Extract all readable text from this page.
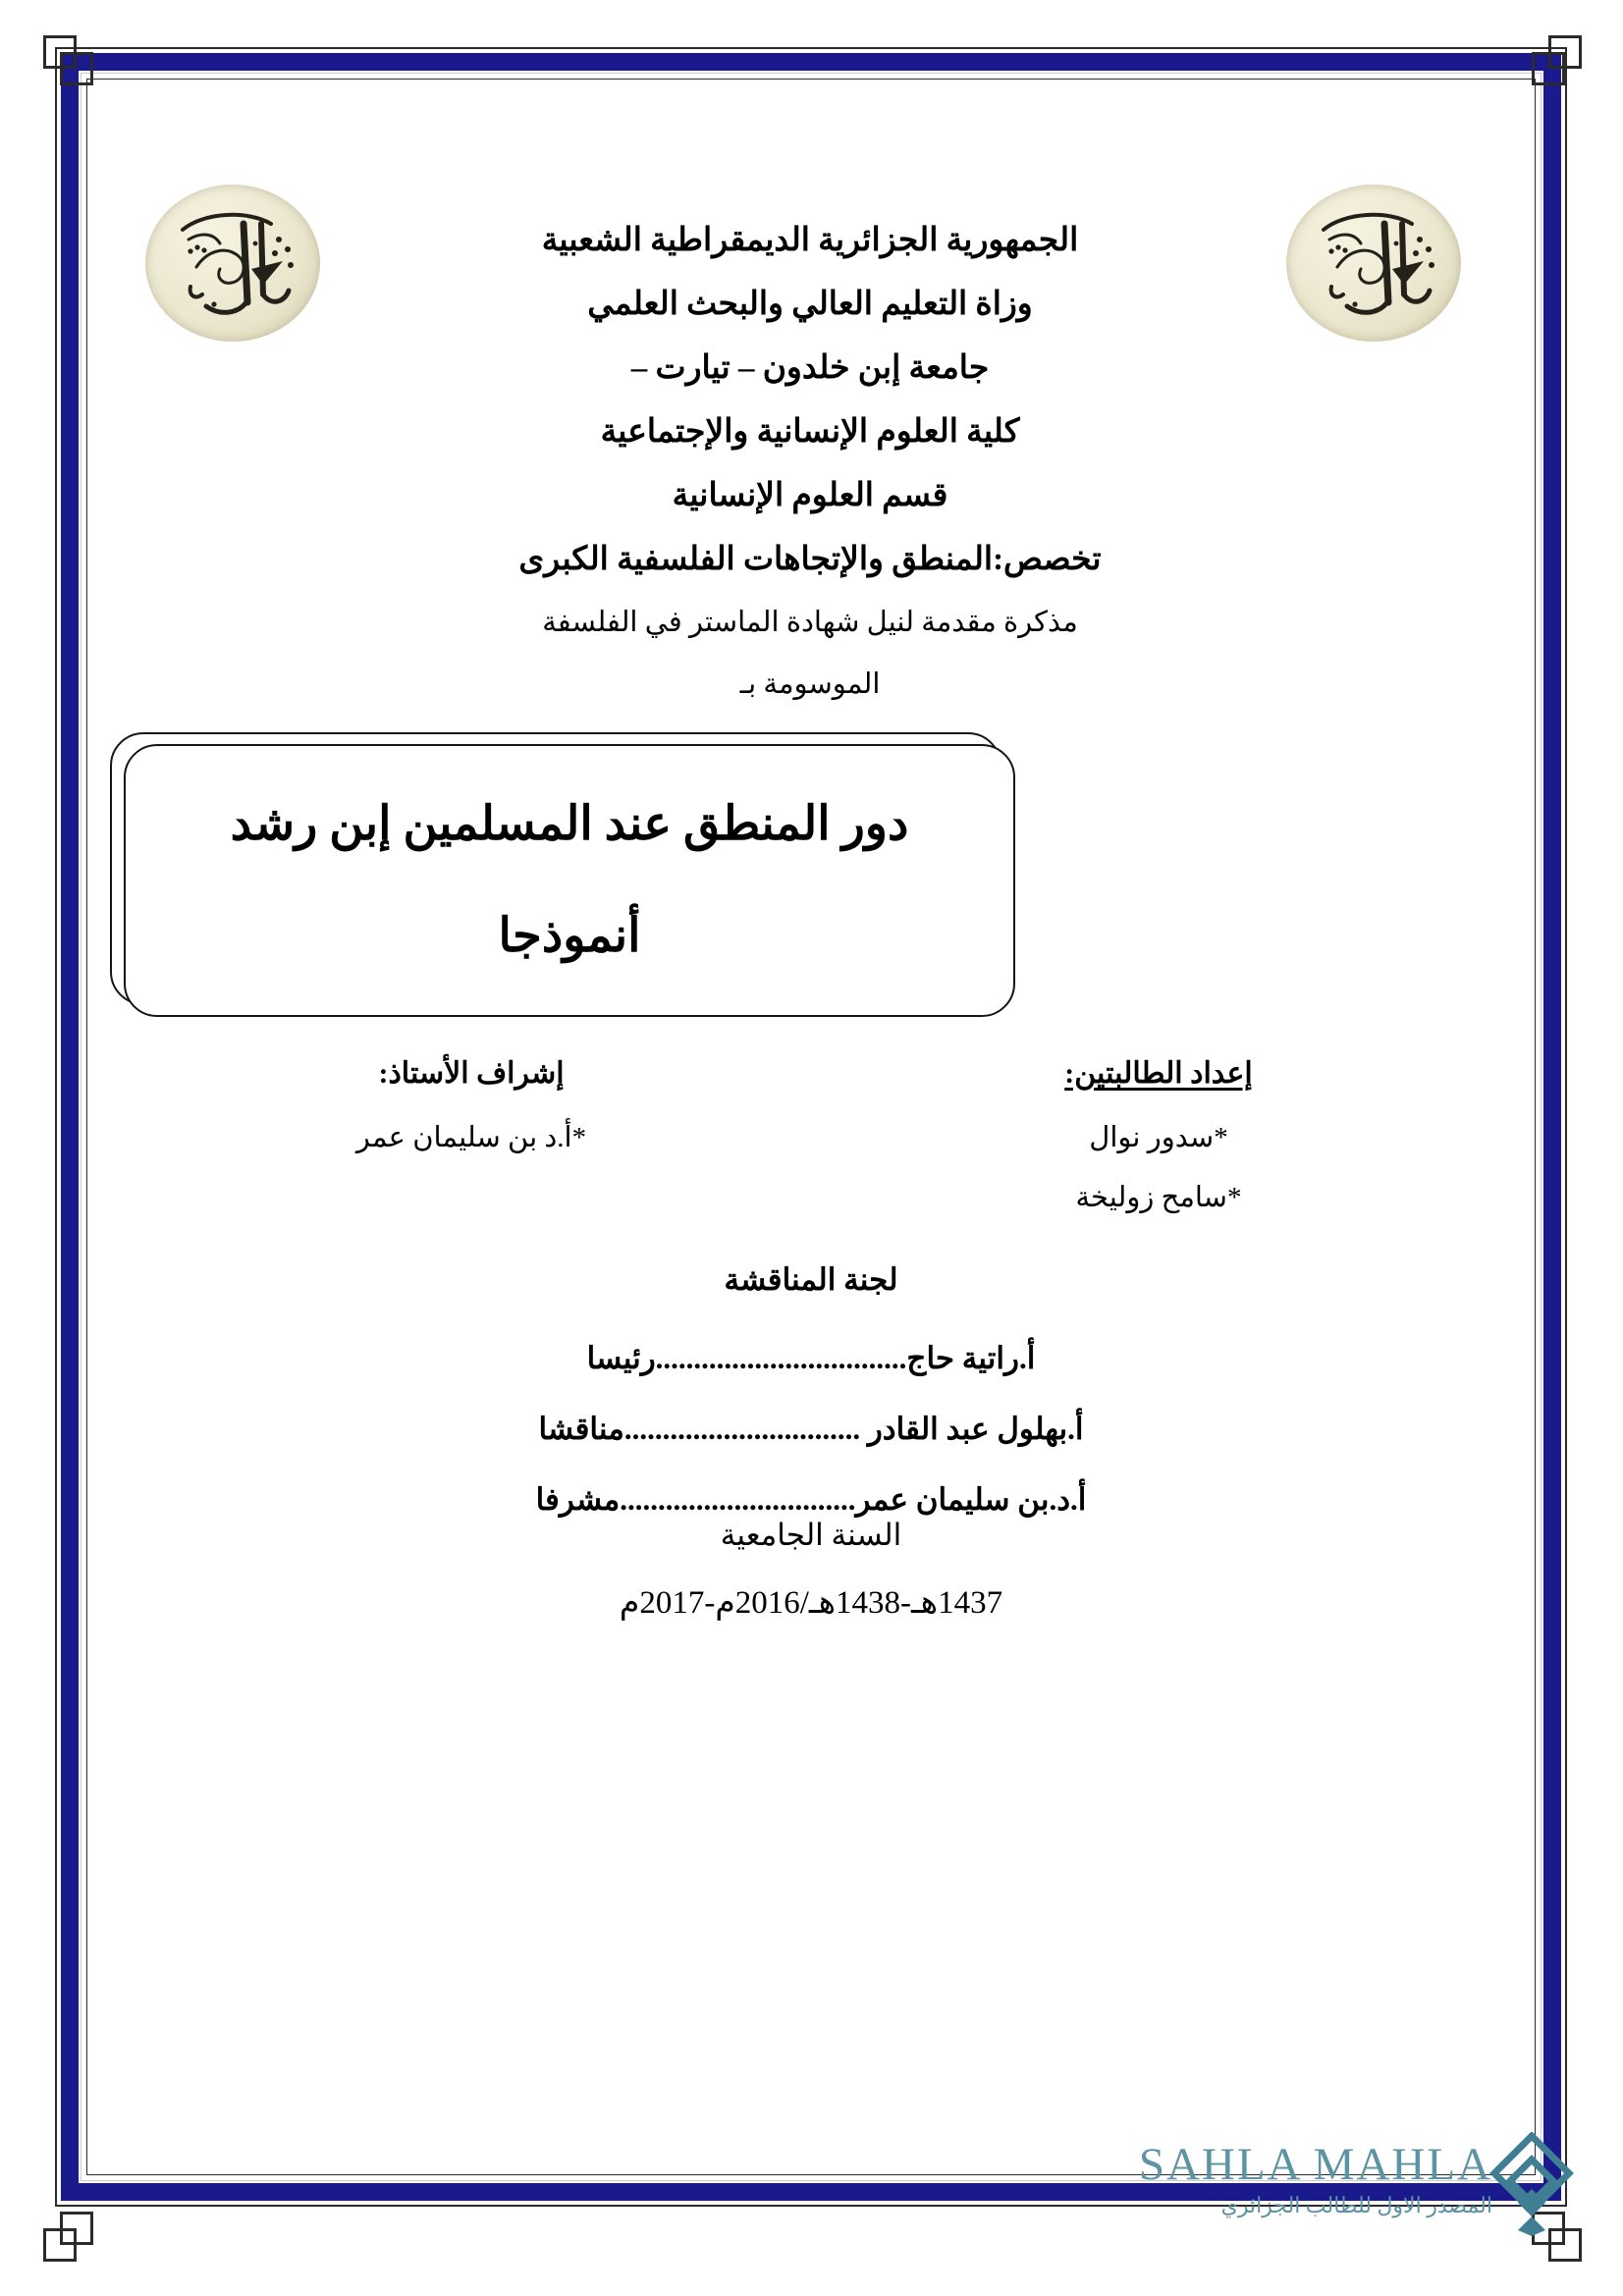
الجمهورية الجزائرية الديمقراطية الشعبية
وزاة التعليم العالي والبحث العلمي
جامعة إبن خلدون – تيارت –
كلية العلوم الإنسانية والإجتماعية
قسم العلوم الإنسانية
تخصص:المنطق والإتجاهات الفلسفية الكبرى
مذكرة مقدمة لنيل شهادة الماستر في الفلسفة
الموسومة بـ
دور المنطق عند المسلمين إبن رشد
أنموذجا
إعداد الطالبتين:
*سدور نوال
*سامح زوليخة
إشراف الأستاذ:
*أ.د بن سليمان عمر
لجنة المناقشة
أ.راتية حاج.................................رئيسا
أ.بهلول عبد القادر ...............................مناقشا
أ.د.بن سليمان عمر...............................مشرفا
السنة الجامعية
1437هـ-1438هـ/2016م-2017م
SAHLA MAHLA
المصدر الاول للطالب الجزائري
